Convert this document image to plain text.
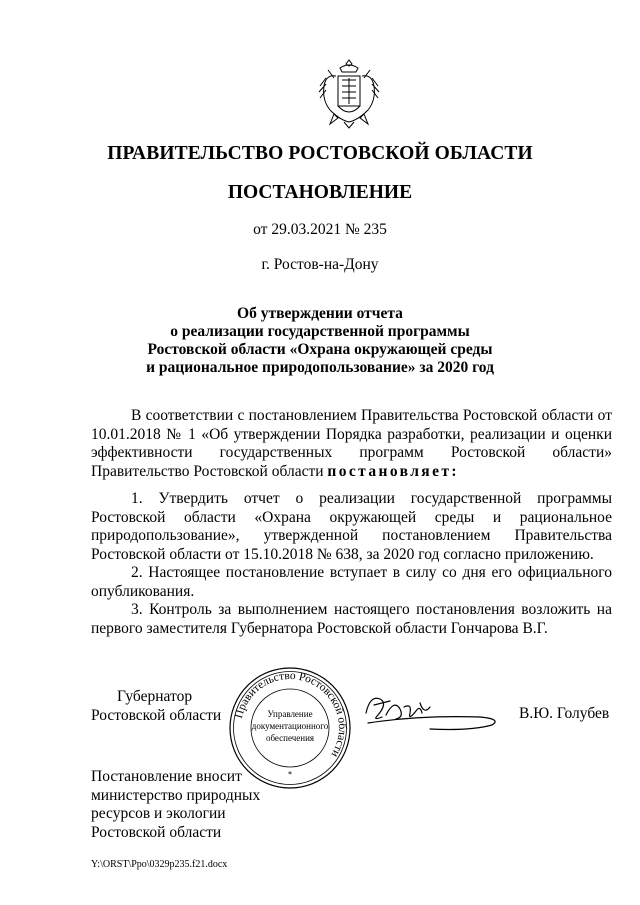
ПРАВИТЕЛЬСТВО РОСТОВСКОЙ ОБЛАСТИ
ПОСТАНОВЛЕНИЕ
от 29.03.2021 № 235
г. Ростов-на-Дону
Об утверждении отчета
о реализации государственной программы
Ростовской области «Охрана окружающей среды
и рациональное природопользование» за 2020 год
В соответствии с постановлением Правительства Ростовской области от 10.01.2018 № 1 «Об утверждении Порядка разработки, реализации и оценки эффективности государственных программ Ростовской области» Правительство Ростовской области постановляет:
1. Утвердить отчет о реализации государственной программы Ростовской области «Охрана окружающей среды и рациональное природопользование», утвержденной постановлением Правительства Ростовской области от 15.10.2018 № 638, за 2020 год согласно приложению.
2. Настоящее постановление вступает в силу со дня его официального опубликования.
3. Контроль за выполнением настоящего постановления возложить на первого заместителя Губернатора Ростовской области Гончарова В.Г.
Губернатор
Ростовской области Правительство Ростовской области
Управление
документационного
обеспечения
*
В.Ю. Голубев
Постановление вносит
министерство природных
ресурсов и экологии
Ростовской области
Y:\ORST\Ppo\0329p235.f21.docx
